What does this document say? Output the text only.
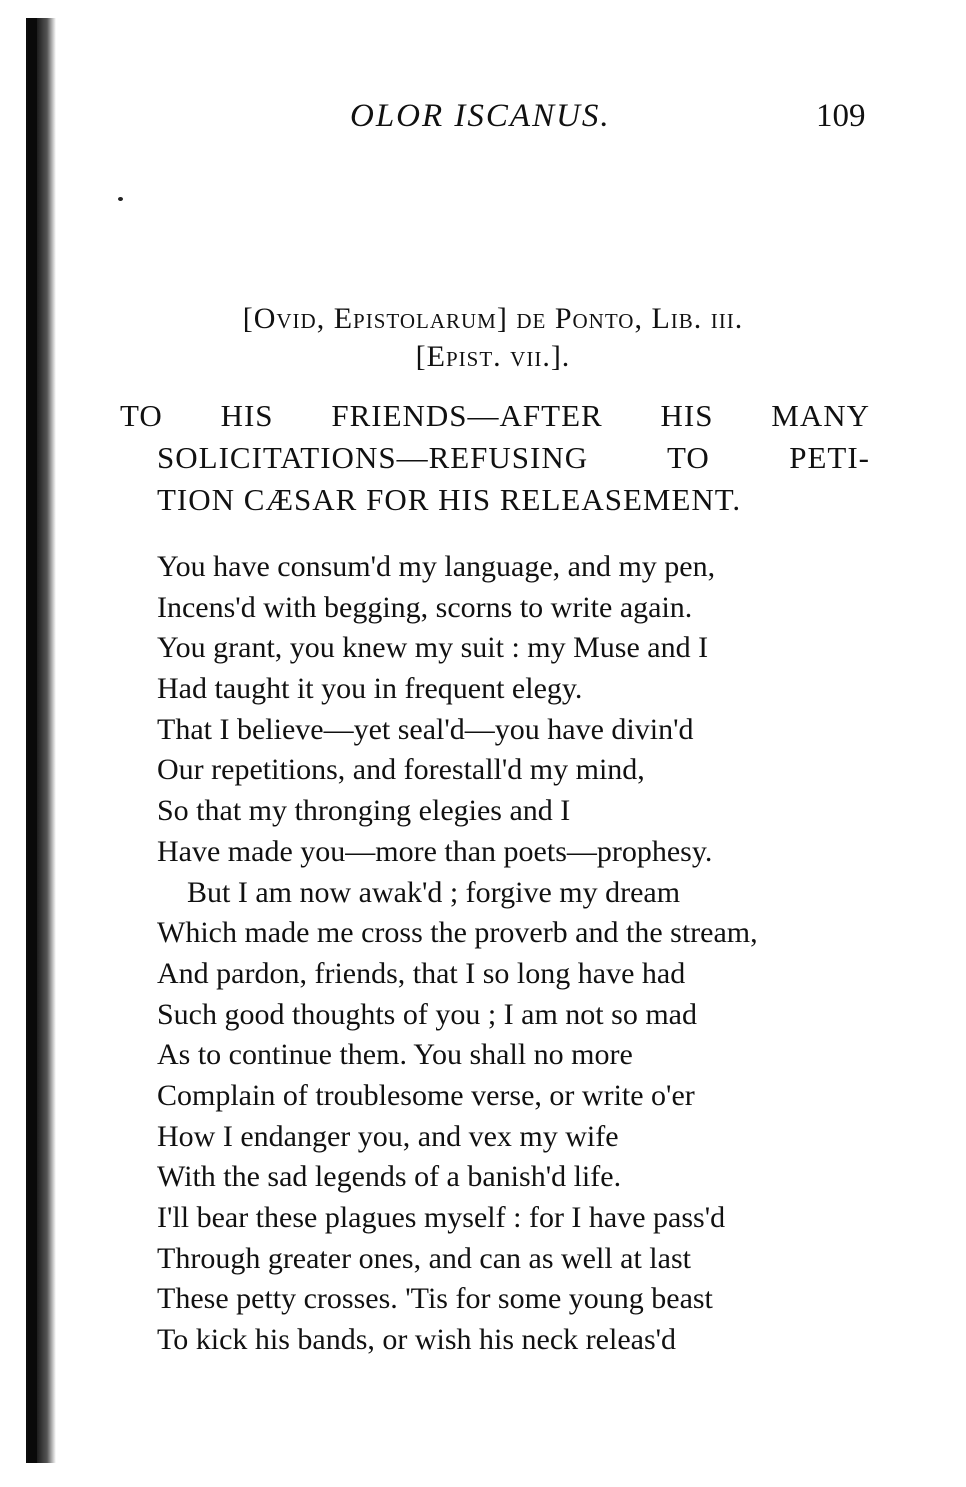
OLOR ISCANUS.	109
[Ovid, Epistolarum] de Ponto, Lib. iii.
[Epist. vii.].
TO HIS FRIENDS—AFTER HIS MANY
SOLICITATIONS—REFUSING TO PETI-
TION CÆSAR FOR HIS RELEASEMENT.
You have consum'd my language, and my pen,
Incens'd with begging, scorns to write again.
You grant, you knew my suit : my Muse and I
Had taught it you in frequent elegy.
That I believe—yet seal'd—you have divin'd
Our repetitions, and forestall'd my mind,
So that my thronging elegies and I
Have made you—more than poets—prophesy.
But I am now awak'd ; forgive my dream
Which made me cross the proverb and the stream,
And pardon, friends, that I so long have had
Such good thoughts of you ; I am not so mad
As to continue them. You shall no more
Complain of troublesome verse, or write o'er
How I endanger you, and vex my wife
With the sad legends of a banish'd life.
I'll bear these plagues myself : for I have pass'd
Through greater ones, and can as well at last
These petty crosses. 'Tis for some young beast
To kick his bands, or wish his neck releas'd
